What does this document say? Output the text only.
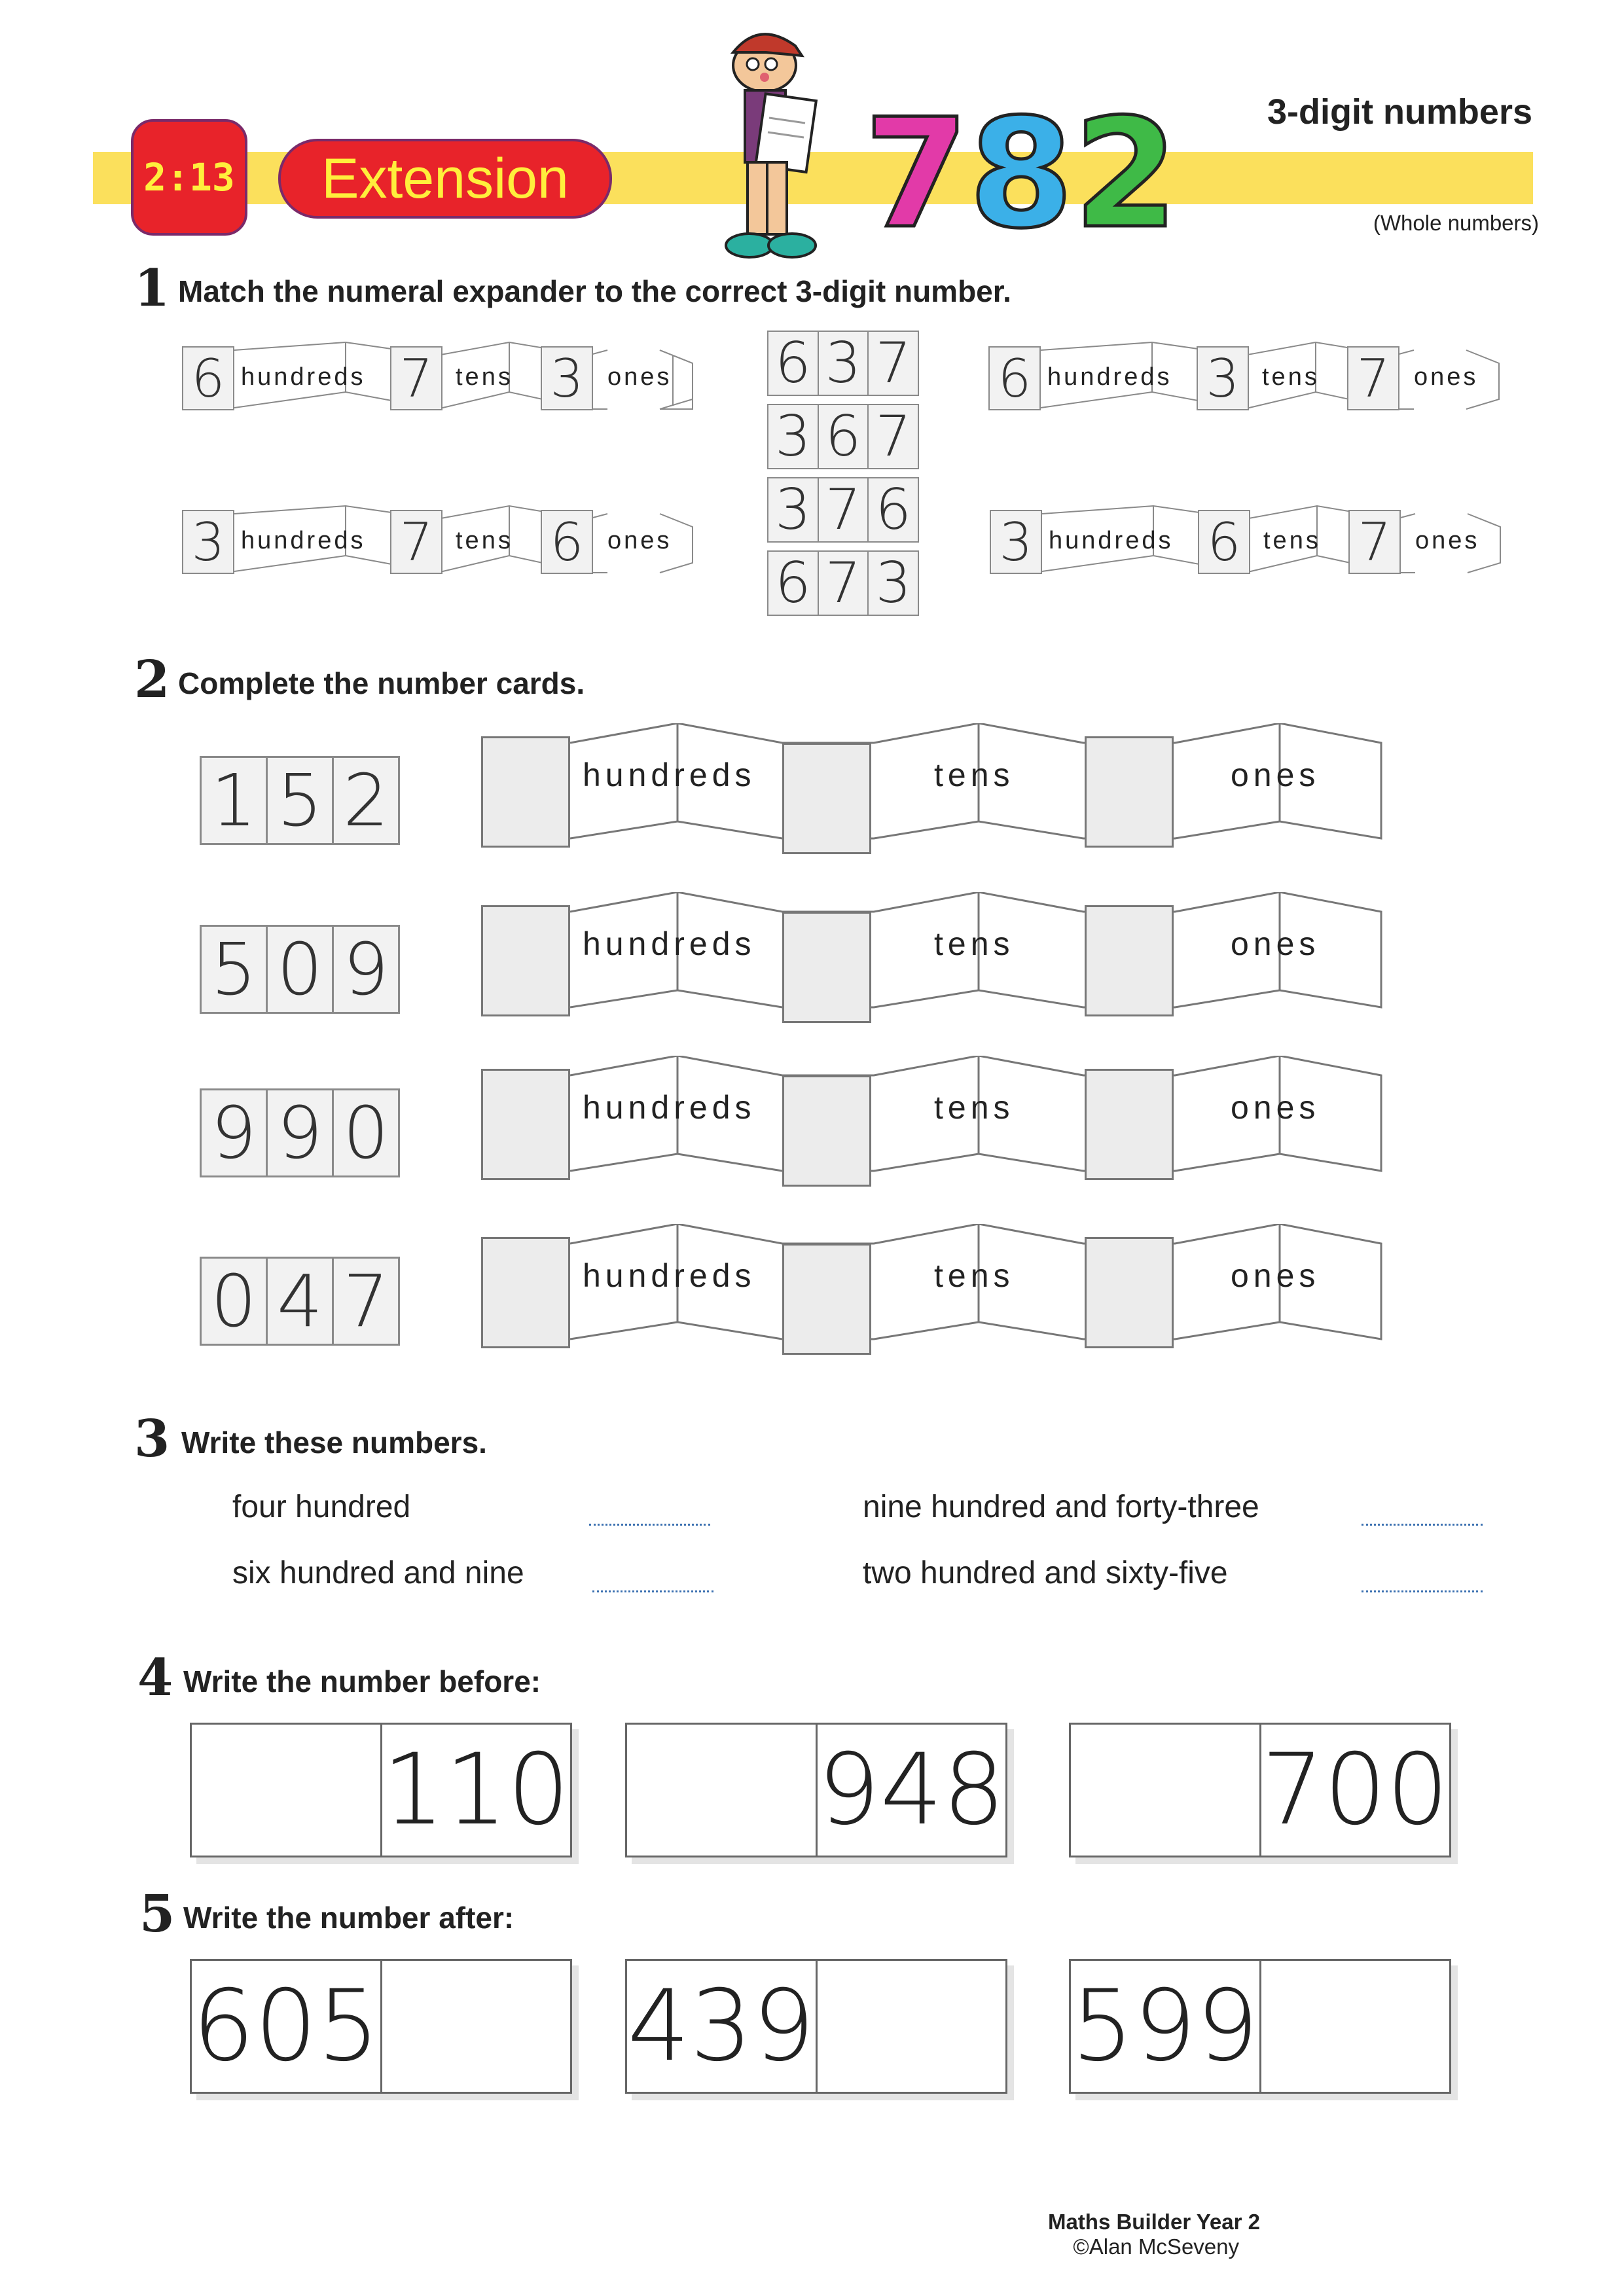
2:13	Extension 7 8 2	3-digit numbers
(Whole numbers)
1 Match the numeral expander to the correct 3-digit number.
6 hundreds 7 tens 3 ones	6 hundreds 3 tens 7 ones
3 hundreds 7 tens 6 ones	3 hundreds 6 tens 7 ones
6 3 7
3 6 7
3 7 6
6 7 3
2 Complete the number cards.
1 5 2	hundreds	tens	ones
5 0 9	hundreds	tens	ones
9 9 0	hundreds	tens	ones
0 4 7	hundreds	tens	ones
3 Write these numbers.
four hundred	nine hundred and forty-three
six hundred and nine	two hundred and sixty-five
4 Write the number before:
110	948	700
5 Write the number after:
605	439	599
Maths Builder Year 2
©Alan McSeveny
